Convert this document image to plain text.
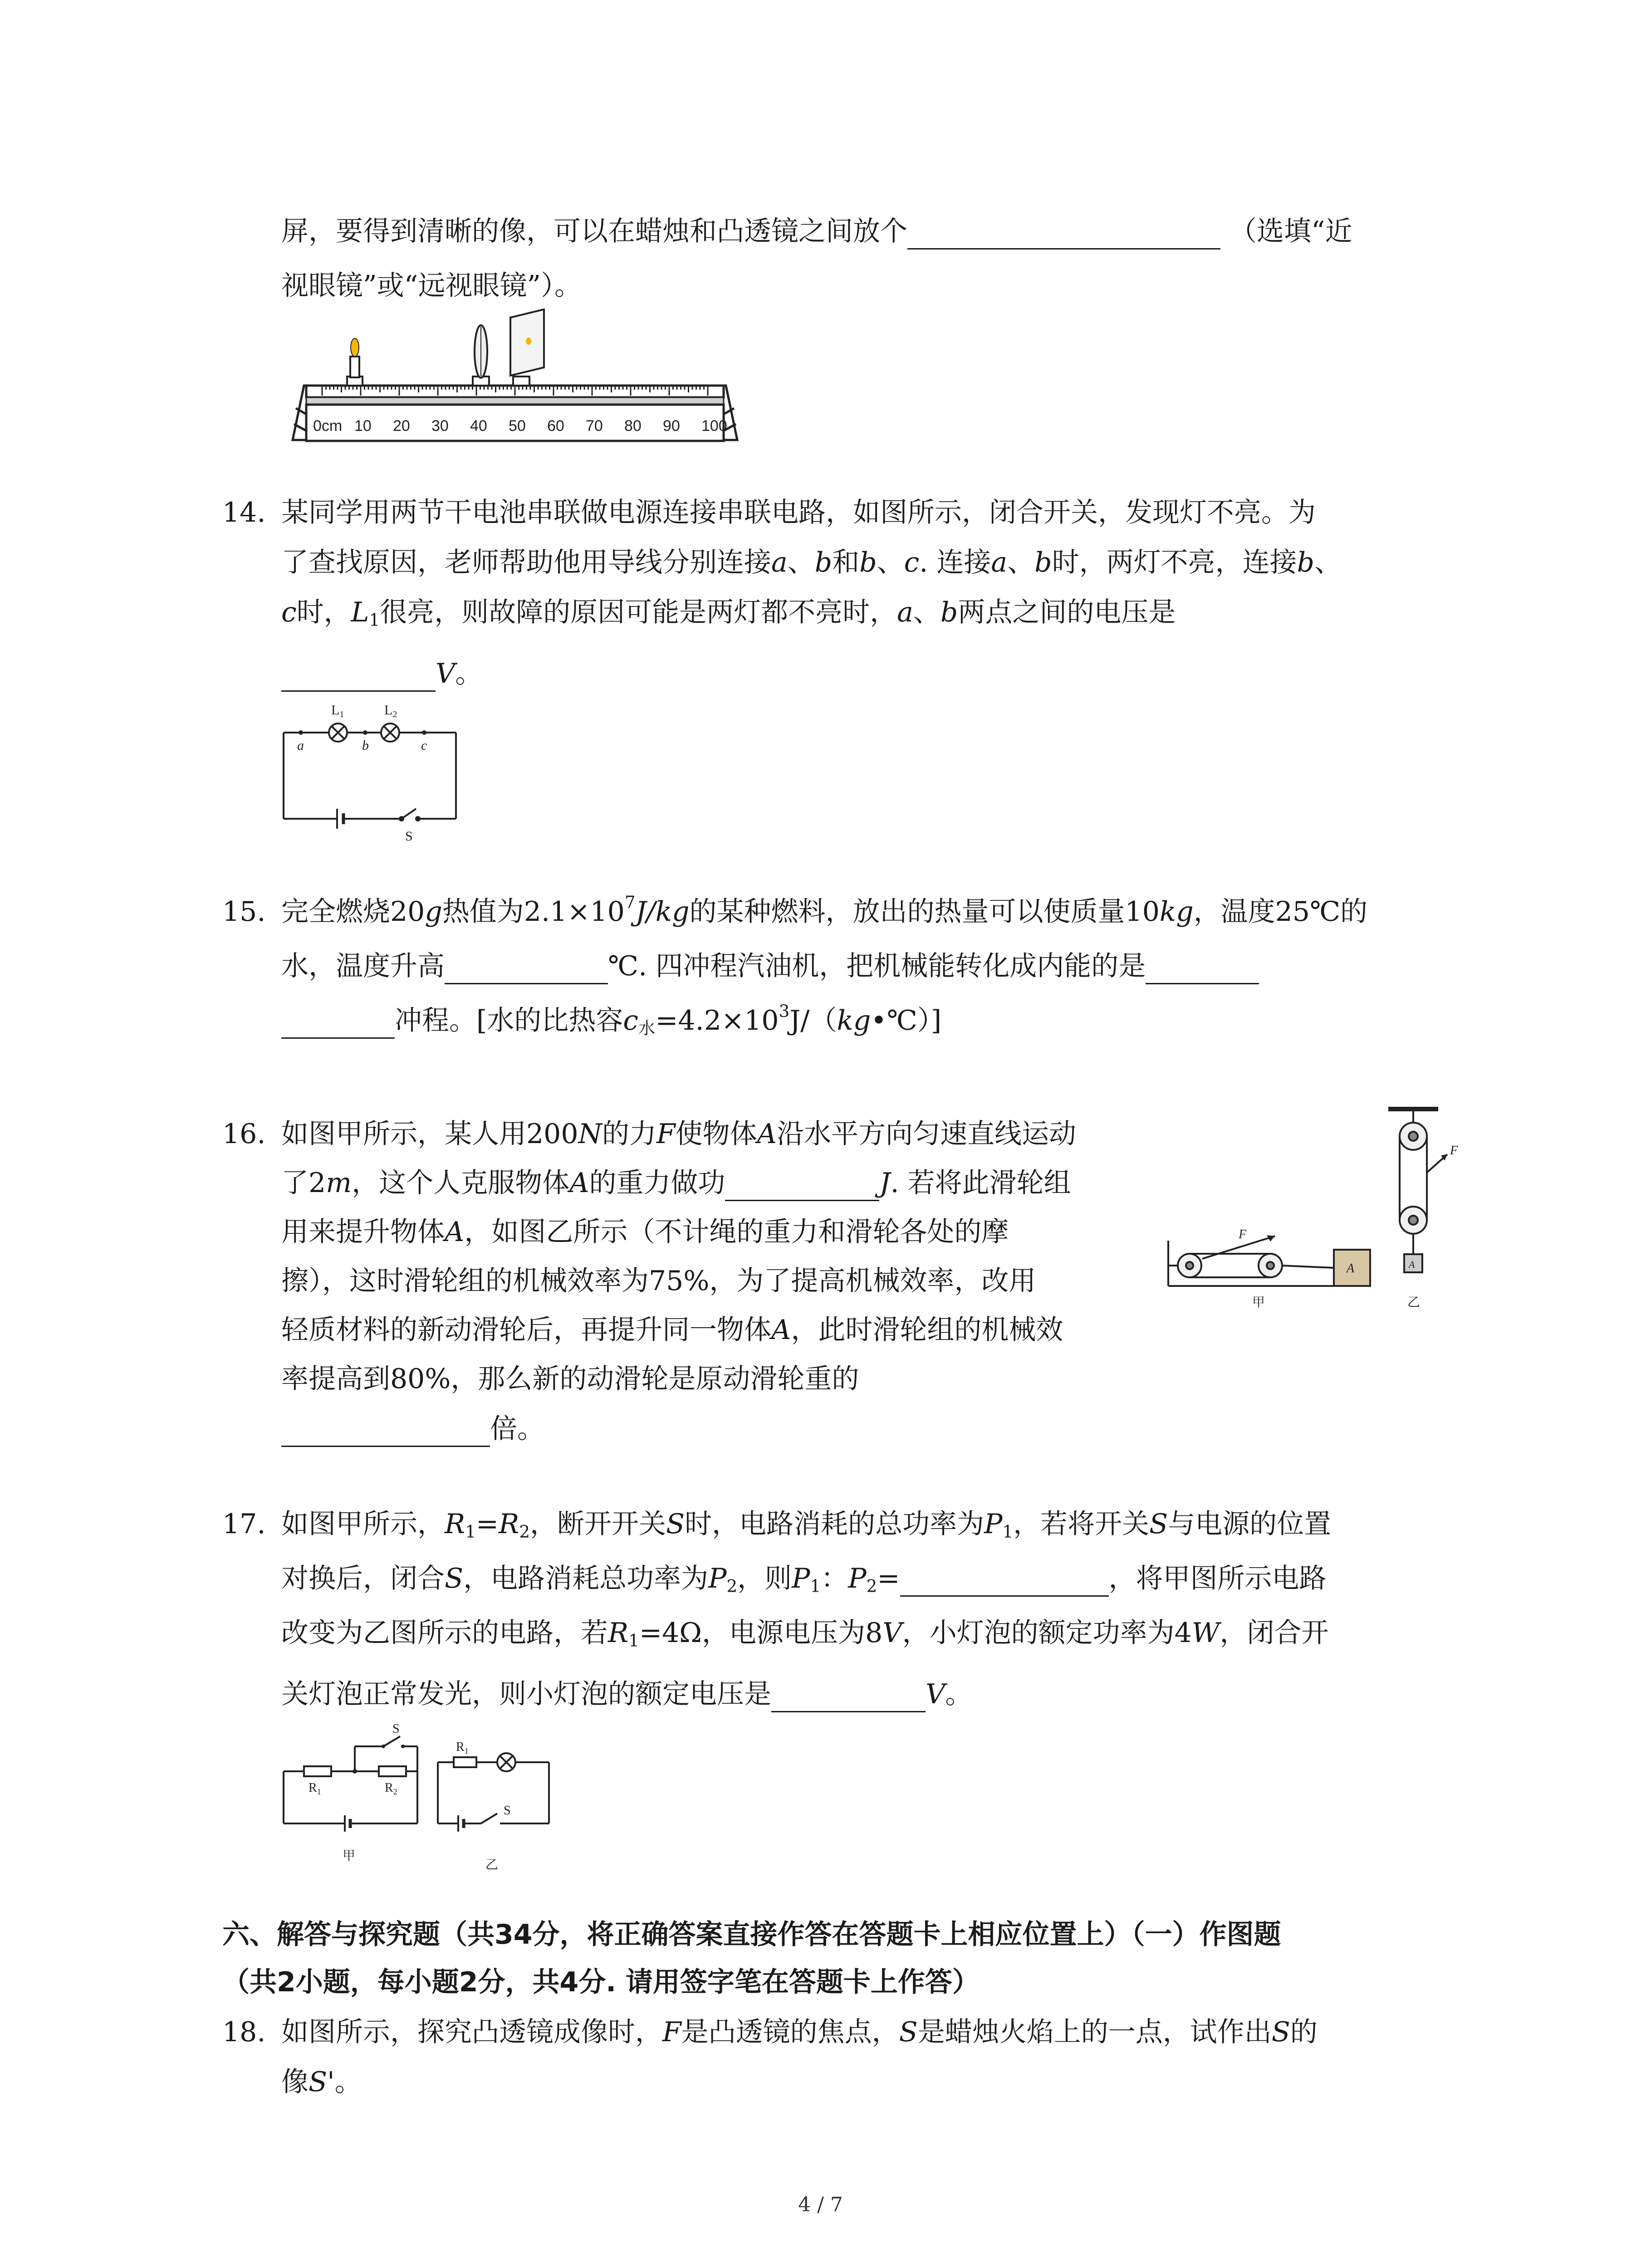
屏，要得到清晰的像，可以在蜡烛和凸透镜之间放个	（选填“近
视眼镜”或“远视眼镜”）。
0cm 10 20 30 40 50 60 70 80 90 100
14. 某同学用两节干电池串联做电源连接串联电路，如图所示，闭合开关，发现灯不亮。为
了查找原因，老师帮助他用导线分别连接a、b和b、c. 连接a、b时，两灯不亮，连接b、
c时，$L_1$很亮，则故障的原因可能是两灯都不亮时，a、b两点之间的电压是
V。
$L_1$	$L_2$
a	b	c
S
15. 完全燃烧20g热值为$2.1\times 10^7J/kg$的某种燃料，放出的热量可以使质量10kg，温度25℃的
水，温度升高	℃. 四冲程汽油机，把机械能转化成内能的是
冲程。[水的比热容$c_水=4.2\times 10^3J/(kg•℃)$]
16. 如图甲所示，某人用200N的力F使物体A沿水平方向匀速直线运动
了2m，这个人克服物体A的重力做功	J. 若将此滑轮组
用来提升物体A，如图乙所示（不计绳的重力和滑轮各处的摩
擦），这时滑轮组的机械效率为75%，为了提高机械效率，改用
轻质材料的新动滑轮后，再提升同一物体A，此时滑轮组的机械效
率提高到80%，那么新的动滑轮是原动滑轮重的
倍。
F
A
F
A
甲	乙
17. 如图甲所示，$R_1=R_2$，断开开关S时，电路消耗的总功率为$P_1$，若将开关S与电源的位置
对换后，闭合S，电路消耗总功率为$P_2$，则$P_1$：$P_2=$	，将甲图所示电路
改变为乙图所示的电路，若$R_1=4\Omega$，电源电压为8V，小灯泡的额定功率为4W，闭合开
关灯泡正常发光，则小灯泡的额定电压是	V。
S
$R_1$	$R_2$
$R_1$
S
甲
乙
六、解答与探究题（共34分，将正确答案直接作答在答题卡上相应位置上）（一）作图题
（共2小题，每小题2分，共4分. 请用签字笔在答题卡上作答）
18. 如图所示，探究凸透镜成像时，F是凸透镜的焦点，S是蜡烛火焰上的一点，试作出S的
像S'。
4 / 7
